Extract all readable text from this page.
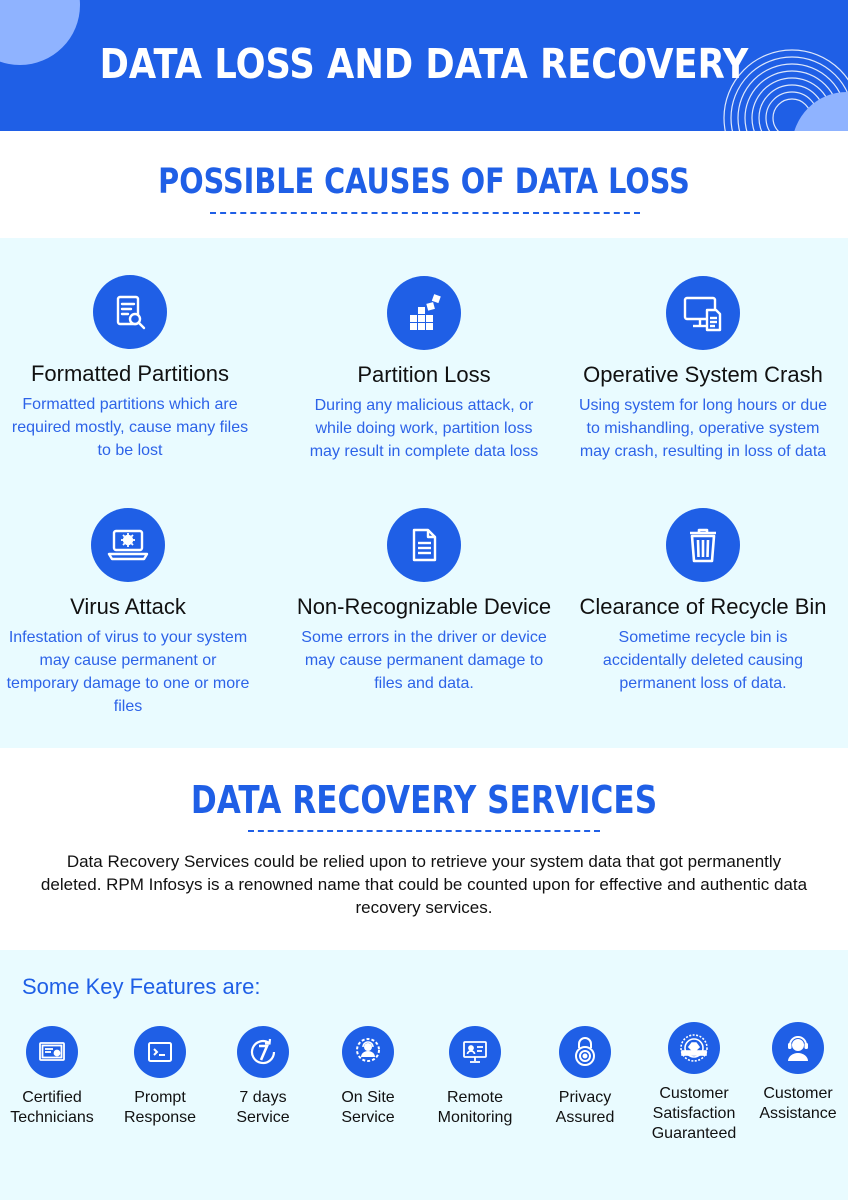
DATA LOSS AND DATA RECOVERY
POSSIBLE CAUSES OF DATA LOSS
Formatted Partitions
Formatted partitions which are required mostly, cause many files to be lost
Partition Loss
During any malicious attack, or while doing work, partition loss may result in complete data loss
Operative System Crash
Using system for long hours or due to mishandling, operative system may crash, resulting in loss of data
Virus Attack
Infestation of virus to your system may cause permanent or temporary damage to one or more files
Non-Recognizable Device
Some errors in the driver or device may cause permanent damage to files and data.
Clearance of Recycle Bin
Sometime recycle bin is accidentally deleted causing permanent loss of data.
DATA RECOVERY SERVICES
Data Recovery Services could be relied upon to retrieve your system data that got permanently deleted. RPM Infosys is a renowned name that could be counted upon for effective and authentic data recovery services.
Some Key Features are:
Certified
Technicians
Prompt
Response
7 days
Service
On Site
Service
Remote
Monitoring
Privacy
Assured
Customer
Satisfaction
Guaranteed
Customer
Assistance
